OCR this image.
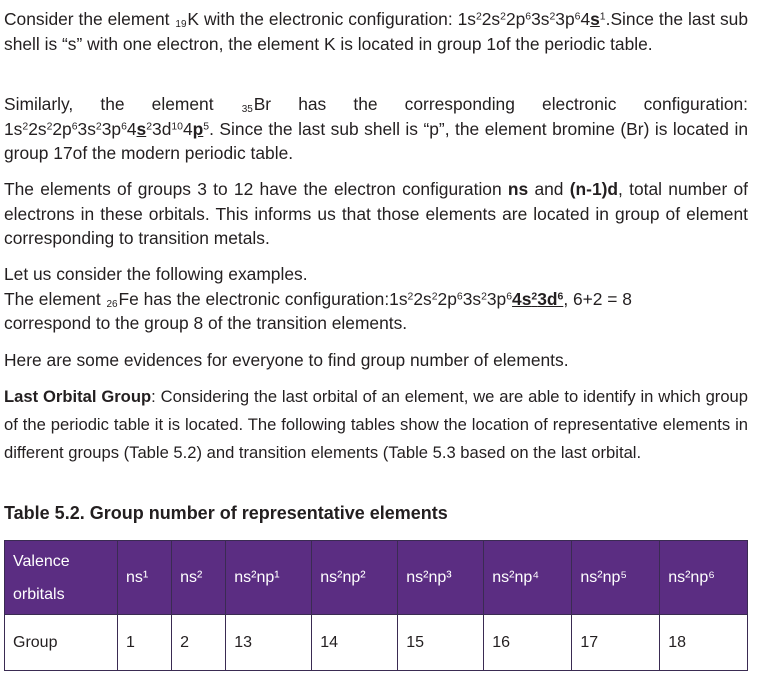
Consider the element 19 K with the electronic configuration: $1s^22s^22p^63s^23p^64s^1.Since$ the last sub shell is “s” with one electron, the element K is located in group 1of the periodic table.

Similarly, the element 35 Br has the corresponding electronic configuration: $1s^22s^22p^63s^23p^64s^23d^{10}4p^5$. Since the last sub shell is “p”, the element bromine (Br) is located in group 17of the modern periodic table.

The elements of groups 3 to 12 have the electron configuration ns and (n-1)d, total number of electrons in these orbitals. This informs us that those elements are located in group of element corresponding to transition metals.

Let us consider the following examples.
The element 26 Fe has the electronic $configuration:1s^22s^22p^63s^23p^64s^23d^6$, 6+2 = 8
correspond to the group 8 of the transition elements.

Here are some evidences for everyone to find group number of elements.

Last Orbital Group: Considering the last orbital of an element, we are able to identify in which group of the periodic table it is located. The following tables show the location of representative elements in different groups (Table 5.2) and transition elements (Table 5.3 based on the last orbital.

Table 5.2. Group number of representative elements
Valence orbitals	ns¹	ns²	ns²np¹	ns²np²	ns²np³	ns²np⁴	ns²np⁵	ns²np⁶
Group	1	2	13	14	15	16	17	18
